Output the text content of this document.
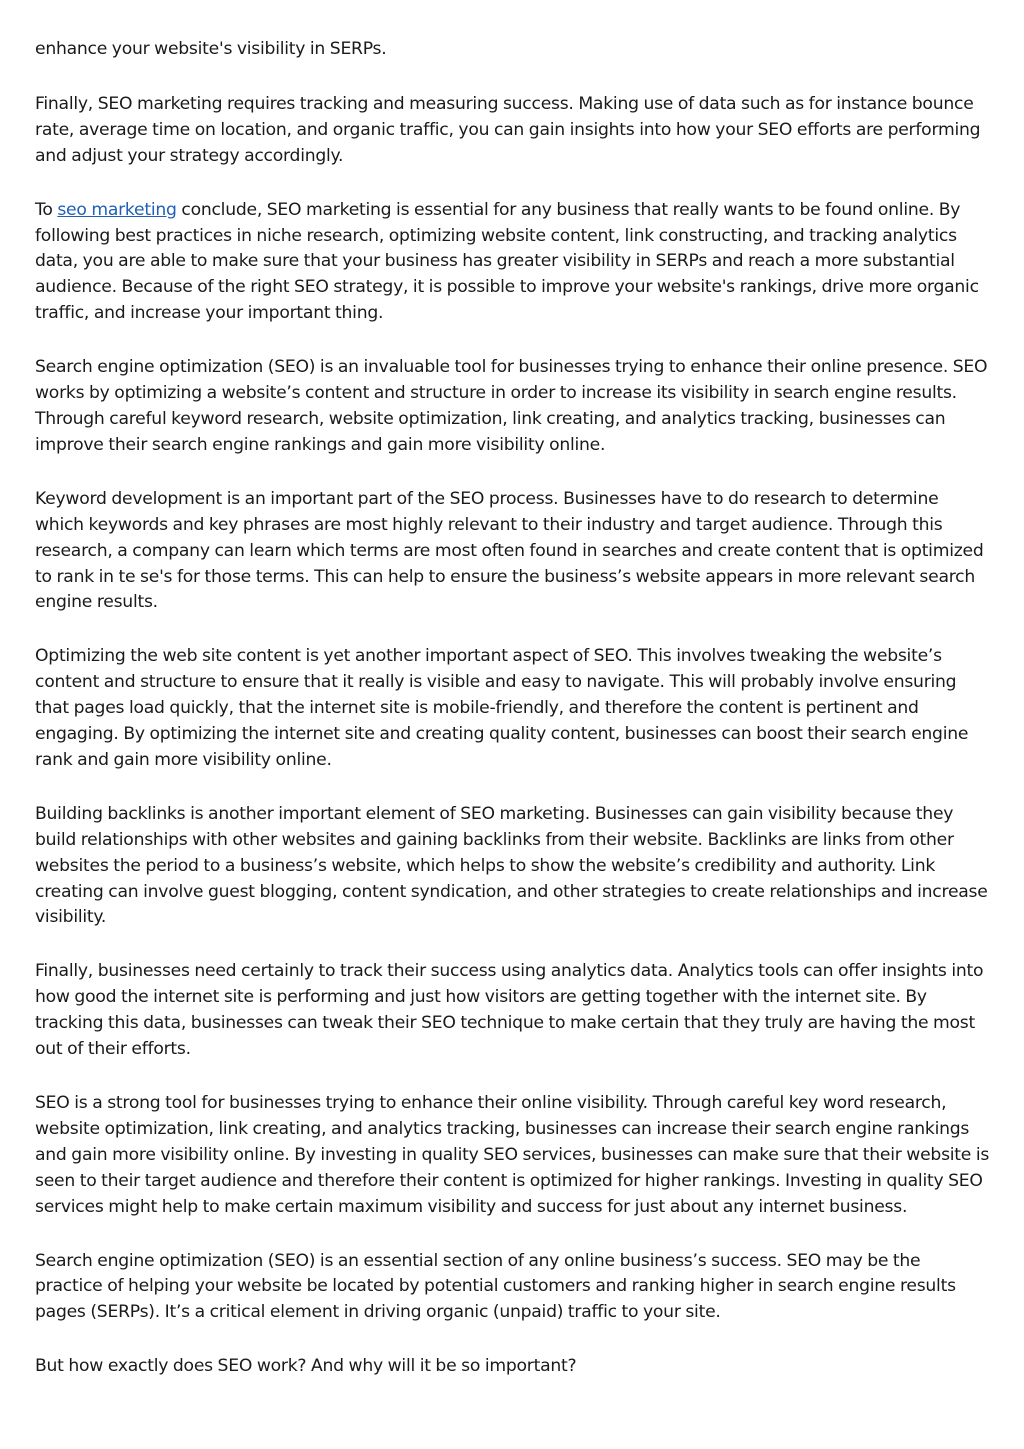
enhance your website's visibility in SERPs.

Finally, SEO marketing requires tracking and measuring success. Making use of data such as for instance bounce rate, average time on location, and organic traffic, you can gain insights into how your SEO efforts are performing and adjust your strategy accordingly.

To seo marketing conclude, SEO marketing is essential for any business that really wants to be found online. By following best practices in niche research, optimizing website content, link constructing, and tracking analytics data, you are able to make sure that your business has greater visibility in SERPs and reach a more substantial audience. Because of the right SEO strategy, it is possible to improve your website's rankings, drive more organic traffic, and increase your important thing.

Search engine optimization (SEO) is an invaluable tool for businesses trying to enhance their online presence. SEO works by optimizing a website’s content and structure in order to increase its visibility in search engine results. Through careful keyword research, website optimization, link creating, and analytics tracking, businesses can improve their search engine rankings and gain more visibility online.

Keyword development is an important part of the SEO process. Businesses have to do research to determine which keywords and key phrases are most highly relevant to their industry and target audience. Through this research, a company can learn which terms are most often found in searches and create content that is optimized to rank in te se's for those terms. This can help to ensure the business’s website appears in more relevant search engine results.

Optimizing the web site content is yet another important aspect of SEO. This involves tweaking the website’s content and structure to ensure that it really is visible and easy to navigate. This will probably involve ensuring that pages load quickly, that the internet site is mobile-friendly, and therefore the content is pertinent and engaging. By optimizing the internet site and creating quality content, businesses can boost their search engine rank and gain more visibility online.

Building backlinks is another important element of SEO marketing. Businesses can gain visibility because they build relationships with other websites and gaining backlinks from their website. Backlinks are links from other websites the period to a business’s website, which helps to show the website’s credibility and authority. Link creating can involve guest blogging, content syndication, and other strategies to create relationships and increase visibility.

Finally, businesses need certainly to track their success using analytics data. Analytics tools can offer insights into how good the internet site is performing and just how visitors are getting together with the internet site. By tracking this data, businesses can tweak their SEO technique to make certain that they truly are having the most out of their efforts.

SEO is a strong tool for businesses trying to enhance their online visibility. Through careful key word research, website optimization, link creating, and analytics tracking, businesses can increase their search engine rankings and gain more visibility online. By investing in quality SEO services, businesses can make sure that their website is seen to their target audience and therefore their content is optimized for higher rankings. Investing in quality SEO services might help to make certain maximum visibility and success for just about any internet business.

Search engine optimization (SEO) is an essential section of any online business’s success. SEO may be the practice of helping your website be located by potential customers and ranking higher in search engine results pages (SERPs). It’s a critical element in driving organic (unpaid) traffic to your site.

But how exactly does SEO work? And why will it be so important?
